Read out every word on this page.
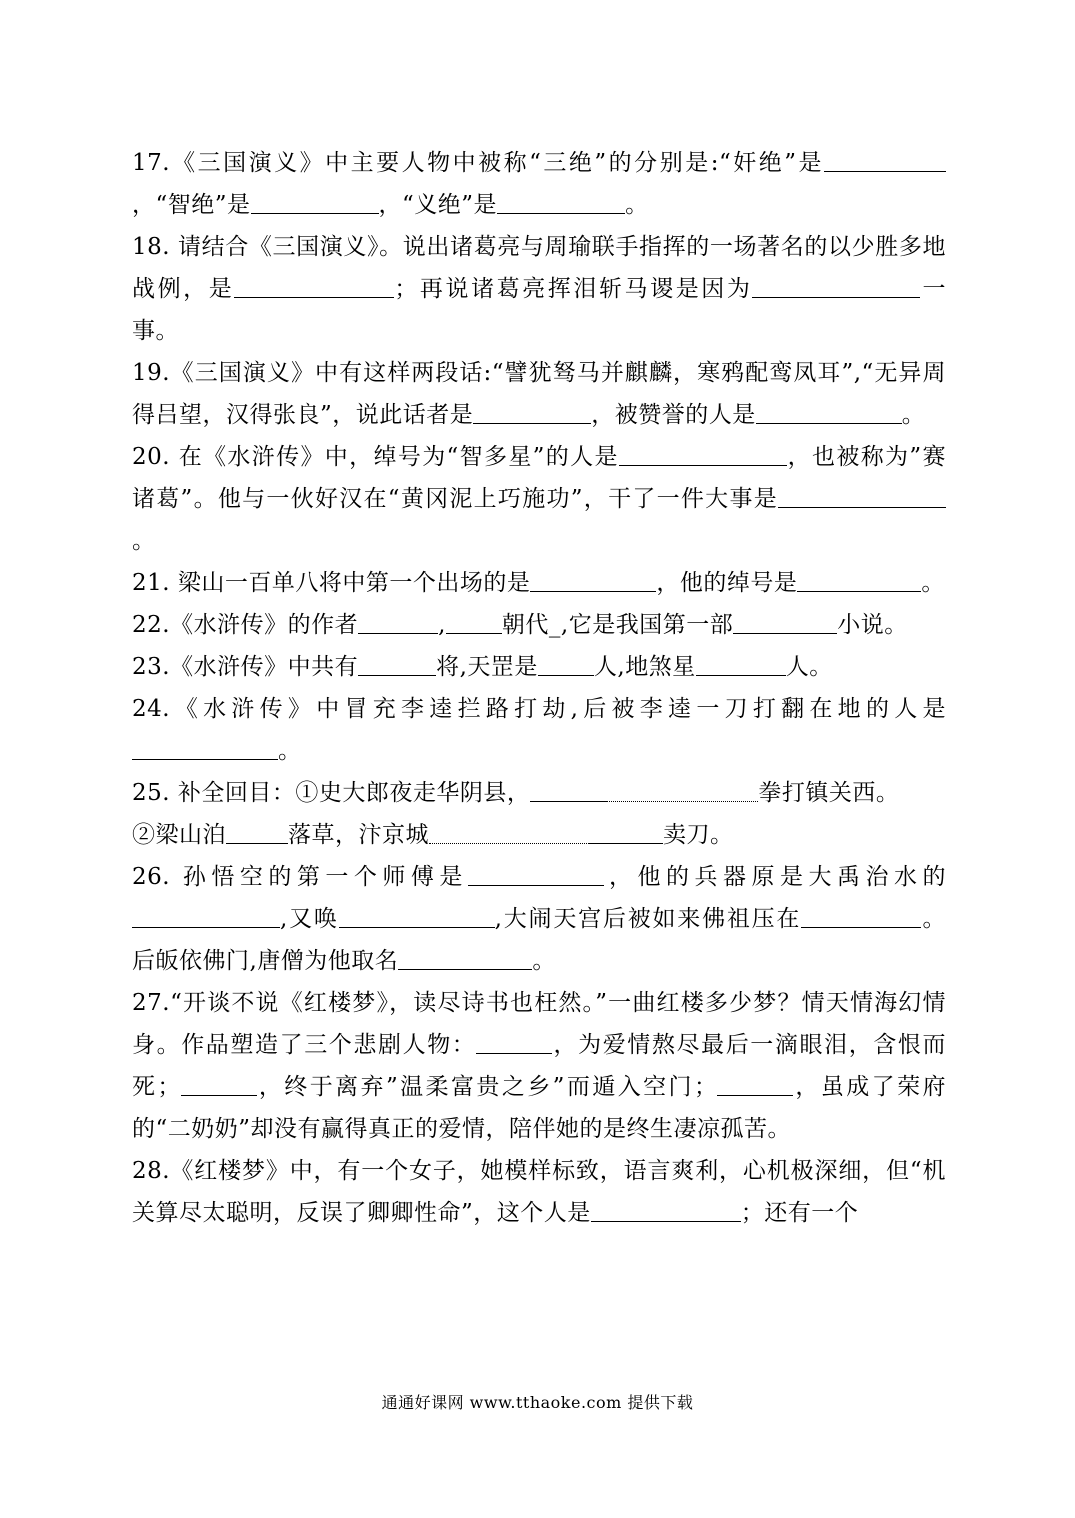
17.《三国演义》中主要人物中被称“三绝”的分别是:“奸绝”是，“智绝”是	，“义绝”是	。

18. 请结合《三国演义》。说出诸葛亮与周瑜联手指挥的一场著名的以少胜多地战例，是	；再说诸葛亮挥泪斩马谡是因为	一事。

19.《三国演义》中有这样两段话:“譬犹驽马并麒麟，寒鸦配鸾凤耳”,“无异周得吕望，汉得张良”，说此话者是	，被赞誉的人是	。

20. 在《水浒传》中，绰号为“智多星”的人是	，也被称为”赛诸葛”。他与一伙好汉在“黄冈泥上巧施功”，干了一件大事是。

21. 梁山一百单八将中第一个出场的是	，他的绰号是	。

22.《水浒传》的作者	, 朝代_,它是我国第一部	小说。

23.《水浒传》中共有	将,天罡是 人,地煞星	人。

24.《水浒传》中冒充李逵拦路打劫,后被李逵一刀打翻在地的人是。

25. 补全回目：①史大郎夜走华阴县，	拳打镇关西。
②梁山泊	落草，汴京城	卖刀。

26. 孙悟空的第一个师傅是	，他的兵器原是大禹治水的,又唤	,大闹天宫后被如来佛祖压在	。后皈依佛门,唐僧为他取名	。

27.“开谈不说《红楼梦》，读尽诗书也枉然。”一曲红楼多少梦？情天情海幻情身。作品塑造了三个悲剧人物：	，为爱情熬尽最后一滴眼泪，含恨而死；	，终于离弃”温柔富贵之乡”而遁入空门；	，虽成了荣府的“二奶奶”却没有赢得真正的爱情，陪伴她的是终生凄凉孤苦。

28.《红楼梦》中，有一个女子，她模样标致，语言爽利，心机极深细，但“机关算尽太聪明，反误了卿卿性命”，这个人是	；还有一个

通通好课网 www.tthaoke.com 提供下载
